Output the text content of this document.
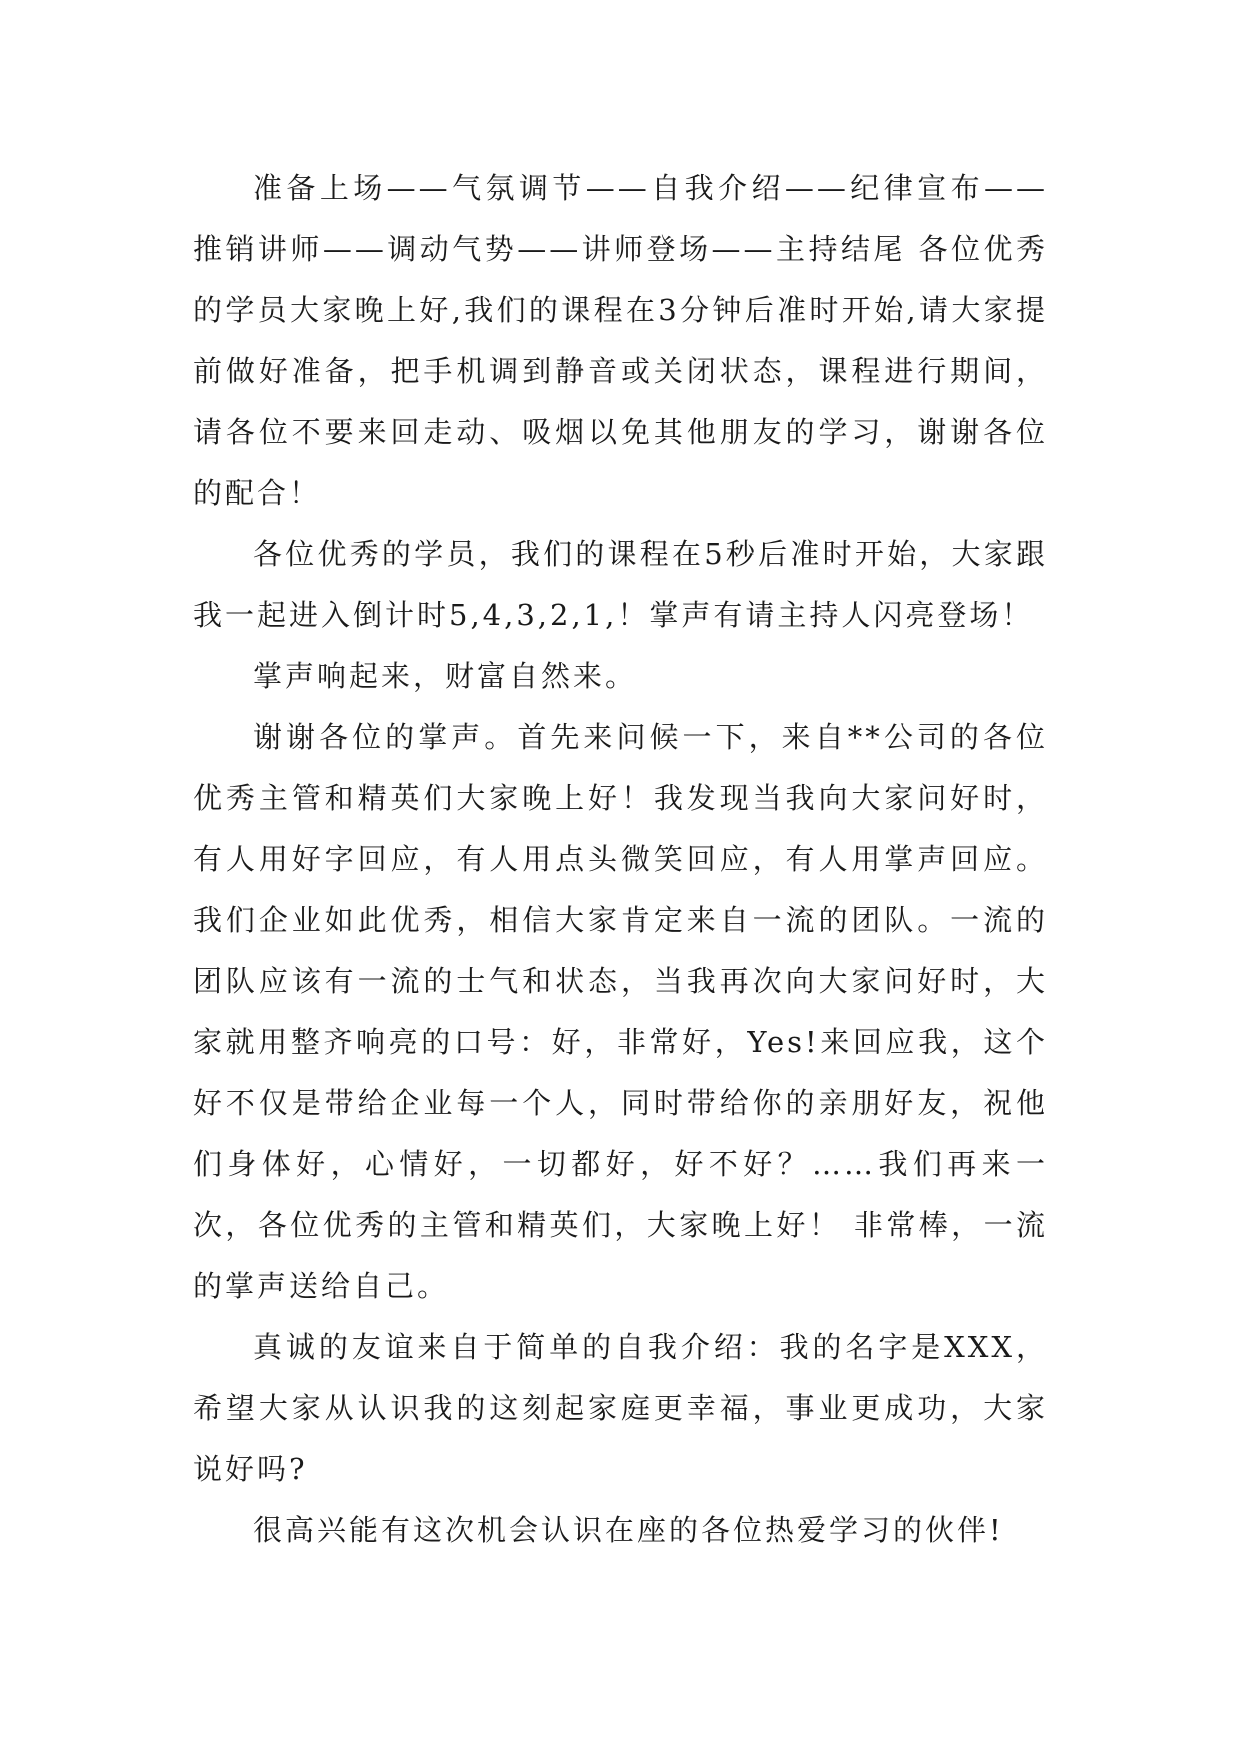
准备上场——气氛调节——自我介绍——纪律宣布——推销讲师——调动气势——讲师登场——主持结尾 各位优秀的学员大家晚上好,我们的课程在3分钟后准时开始,请大家提前做好准备，把手机调到静音或关闭状态，课程进行期间，请各位不要来回走动、吸烟以免其他朋友的学习，谢谢各位的配合！

各位优秀的学员，我们的课程在5秒后准时开始，大家跟我一起进入倒计时5,4,3,2,1,！掌声有请主持人闪亮登场！

掌声响起来，财富自然来。

谢谢各位的掌声。首先来问候一下，来自**公司的各位优秀主管和精英们大家晚上好！我发现当我向大家问好时，有人用好字回应，有人用点头微笑回应，有人用掌声回应。我们企业如此优秀，相信大家肯定来自一流的团队。一流的团队应该有一流的士气和状态，当我再次向大家问好时，大家就用整齐响亮的口号：好，非常好，Yes!来回应我，这个好不仅是带给企业每一个人，同时带给你的亲朋好友，祝他们身体好，心情好，一切都好，好不好？……我们再来一次，各位优秀的主管和精英们，大家晚上好！ 非常棒，一流的掌声送给自己。

真诚的友谊来自于简单的自我介绍：我的名字是XXX，希望大家从认识我的这刻起家庭更幸福，事业更成功，大家说好吗?

很高兴能有这次机会认识在座的各位热爱学习的伙伴!
